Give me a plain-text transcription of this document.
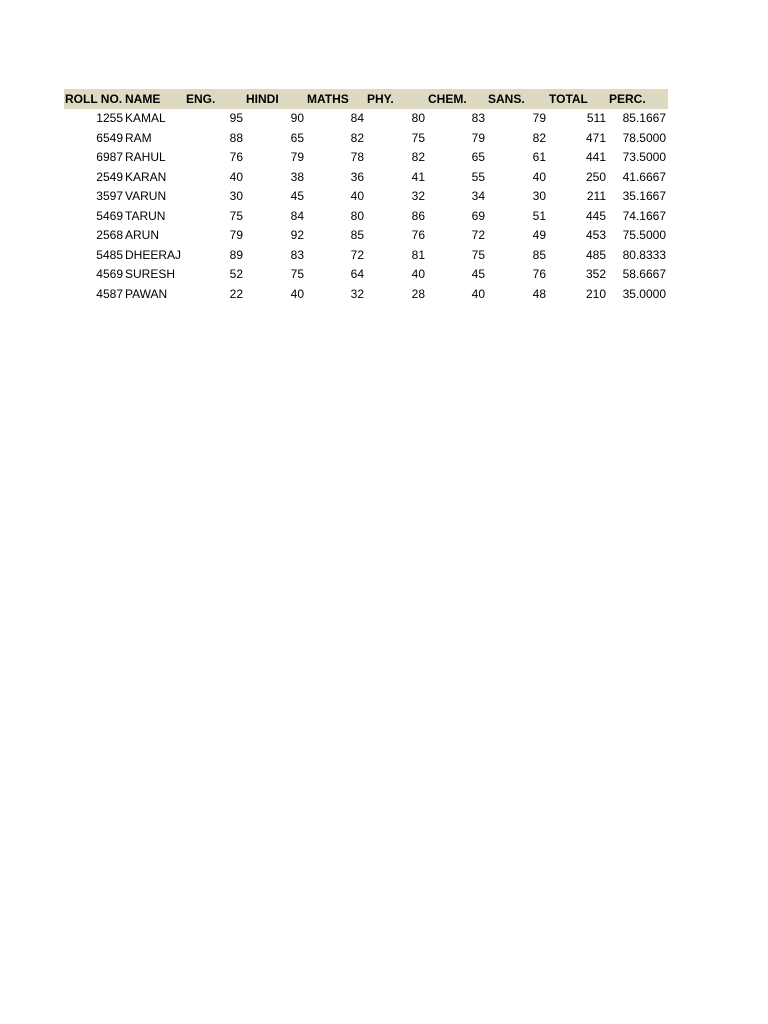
ROLL NO.	NAME	ENG.	HINDI	MATHS	PHY.	CHEM.	SANS.	TOTAL	PERC.
1255	KAMAL	95	90	84	80	83	79	511	85.1667
6549	RAM	88	65	82	75	79	82	471	78.5000
6987	RAHUL	76	79	78	82	65	61	441	73.5000
2549	KARAN	40	38	36	41	55	40	250	41.6667
3597	VARUN	30	45	40	32	34	30	211	35.1667
5469	TARUN	75	84	80	86	69	51	445	74.1667
2568	ARUN	79	92	85	76	72	49	453	75.5000
5485	DHEERAJ	89	83	72	81	75	85	485	80.8333
4569	SURESH	52	75	64	40	45	76	352	58.6667
4587	PAWAN	22	40	32	28	40	48	210	35.0000
